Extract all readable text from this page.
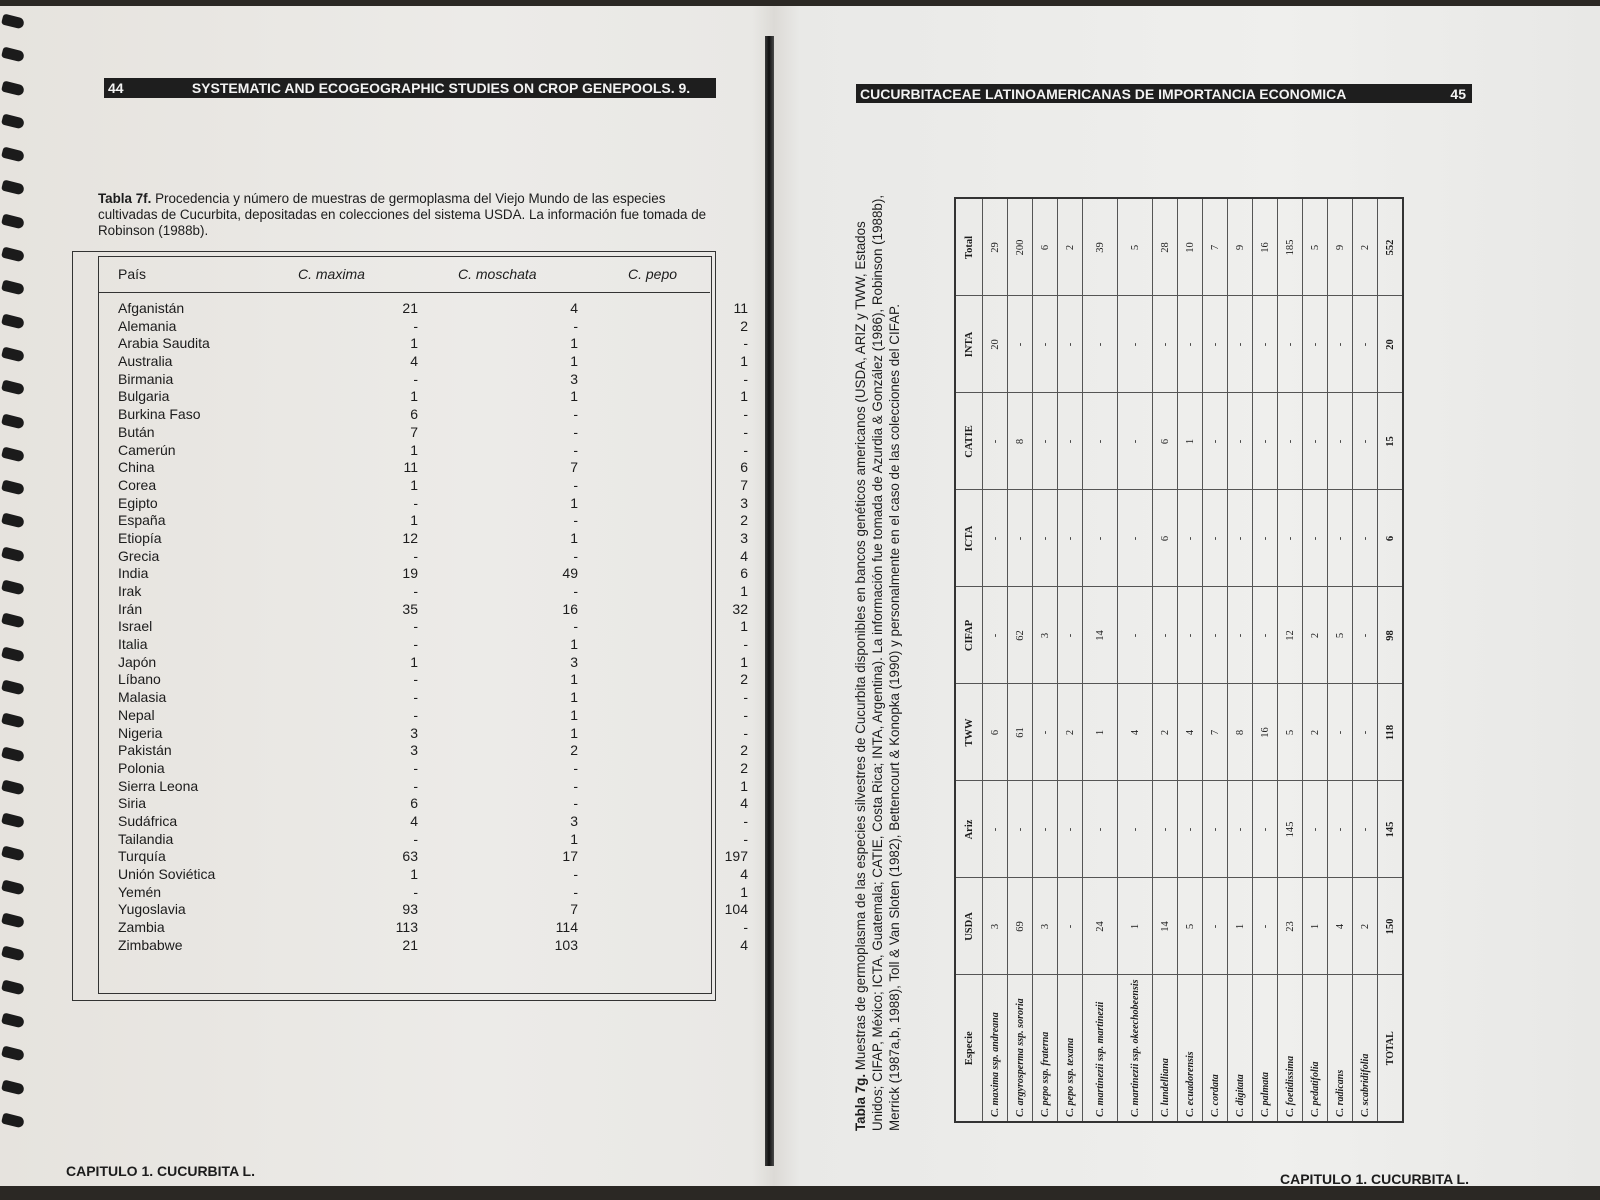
44	SYSTEMATIC AND ECOGEOGRAPHIC STUDIES ON CROP GENEPOOLS. 9.
Tabla 7f. Procedencia y número de muestras de germoplasma del Viejo Mundo de las especies cultivadas de Cucurbita, depositadas en colecciones del sistema USDA. La información fue tomada de Robinson (1988b).
País	C. maxima	C. moschata	C. pepo
Afganistán	21	4	11
Alemania	-	-	2
Arabia Saudita	1	1	-
Australia	4	1	1
Birmania	-	3	-
Bulgaria	1	1	1
Burkina Faso	6	-	-
Bután	7	-	-
Camerún	1	-	-
China	11	7	6
Corea	1	-	7
Egipto	-	1	3
España	1	-	2
Etiopía	12	1	3
Grecia	-	-	4
India	19	49	6
Irak	-	-	1
Irán	35	16	32
Israel	-	-	1
Italia	-	1	-
Japón	1	3	1
Líbano	-	1	2
Malasia	-	1	-
Nepal	-	1	-
Nigeria	3	1	-
Pakistán	3	2	2
Polonia	-	-	2
Sierra Leona	-	-	1
Siria	6	-	4
Sudáfrica	4	3	-
Tailandia	-	1	-
Turquía	63	17	197
Unión Soviética	1	-	4
Yemén	-	-	1
Yugoslavia	93	7	104
Zambia	113	114	-
Zimbabwe	21	103	4
CAPITULO 1. CUCURBITA L.
CUCURBITACEAE LATINOAMERICANAS DE IMPORTANCIA ECONOMICA	45
Tabla 7g. Muestras de germoplasma de las especies silvestres de Cucurbita disponibles en bancos genéticos americanos (USDA, ARIZ y TWW, Estados Unidos; CIFAP, México; ICTA, Guatemala; CATIE, Costa Rica; INTA, Argentina). La información fue tomada de Azurdia & González (1986), Robinson (1988b), Merrick (1987a,b, 1988), Toll & Van Sloten (1982), Bettencourt & Konopka (1990) y personalmente en el caso de las colecciones del CIFAP.	Especie	USDA	Ariz	TWW	CIFAP	ICTA	CATIE	INTA	Total
C. maxima ssp. andreana	3	-	6	-	-	-	20	29
C. argyrosperma ssp. sororia	69	-	61	62	-	8	-	200
C. pepo ssp. fraterna	3	-	-	3	-	-	-	6
C. pepo ssp. texana	-	-	2	-	-	-	-	2
C. martinezii ssp. martinezii	24	-	1	14	-	-	-	39
C. martinezii ssp. okeechobeensis	1	-	4	-	-	-	-	5
C. lundelliana	14	-	2	-	6	6	-	28
C. ecuadorensis	5	-	4	-	-	1	-	10
C. cordata	-	-	7	-	-	-	-	7
C. digitata	1	-	8	-	-	-	-	9
C. palmata	-	-	16	-	-	-	-	16
C. foetidissima	23	145	5	12	-	-	-	185
C. pedatifolia	1	-	2	2	-	-	-	5
C. radicans	4	-	-	5	-	-	-	9
C. scabridifolia	2	-	-	-	-	-	-	2
TOTAL	150	145	118	98	6	15	20	552
CAPITULO 1. CUCURBITA L.
